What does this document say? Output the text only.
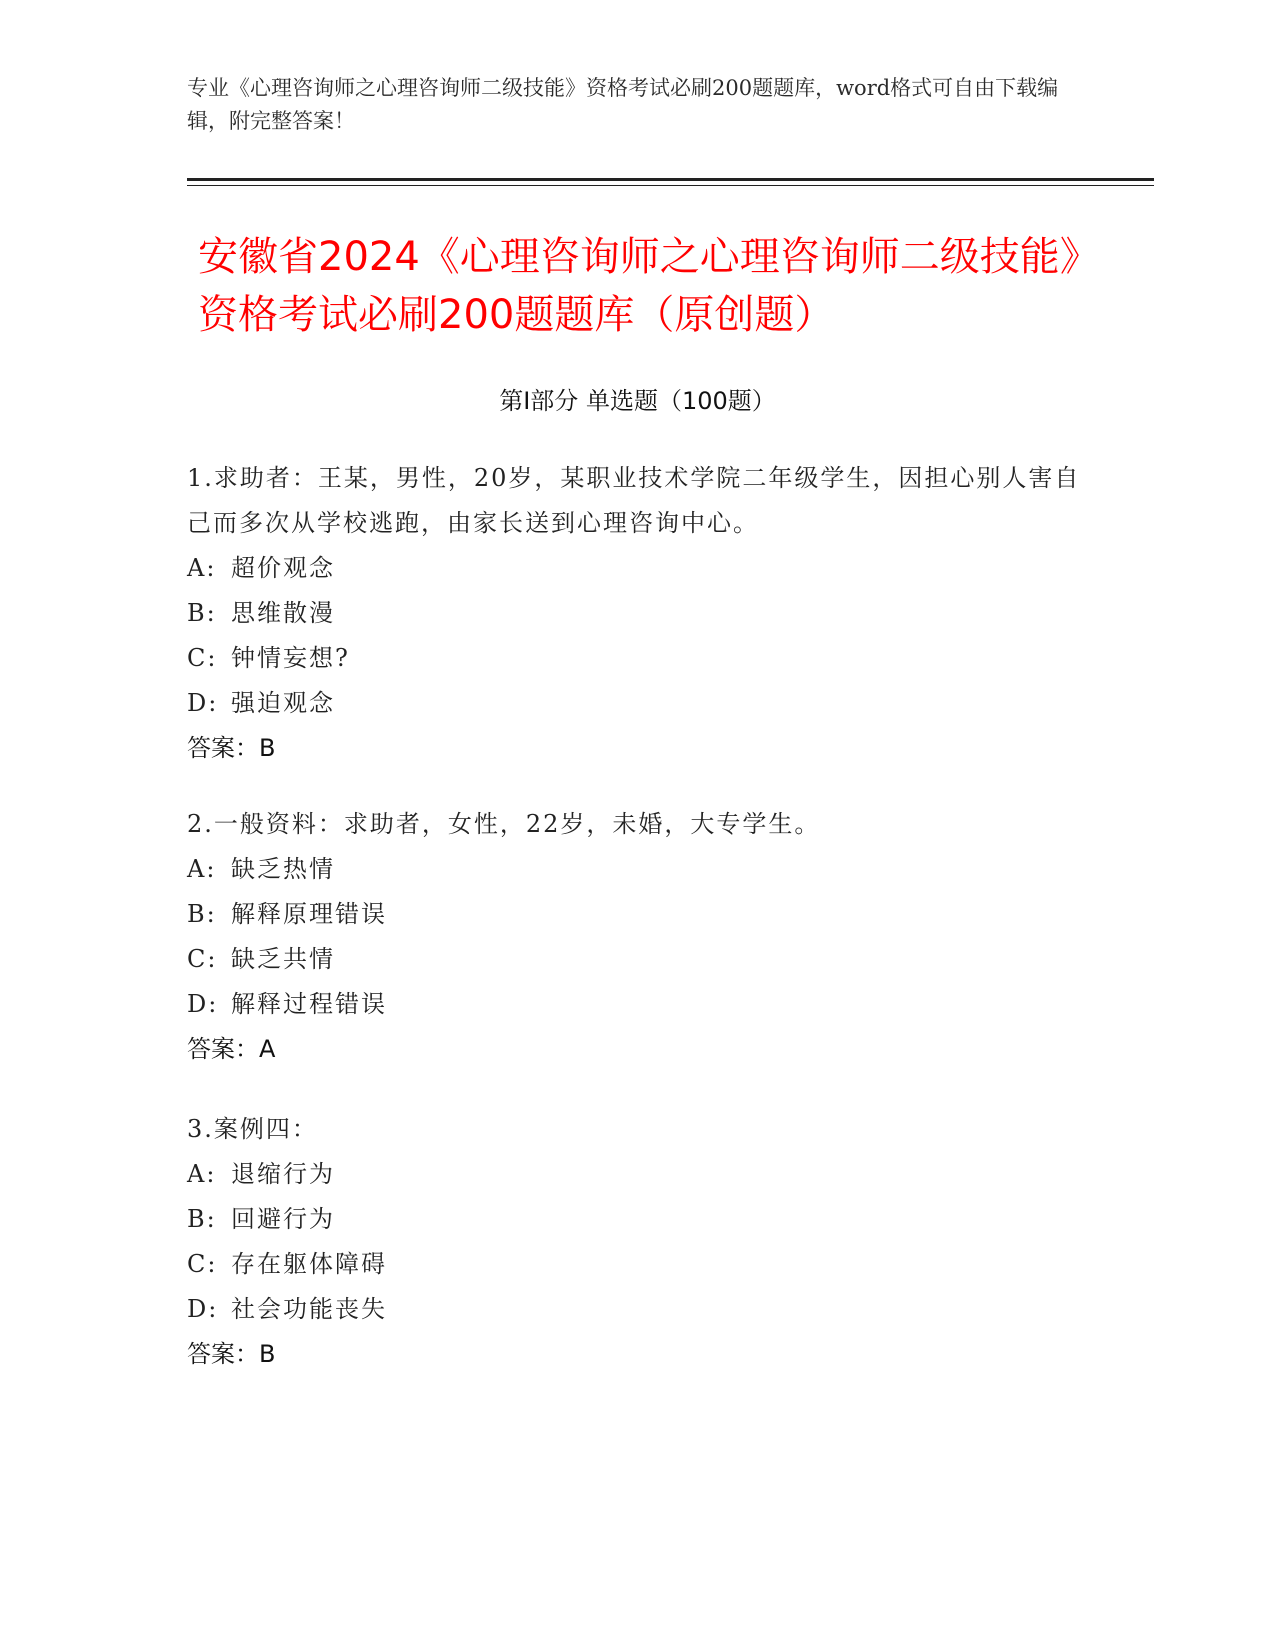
专业《心理咨询师之心理咨询师二级技能》资格考试必刷200题题库，word格式可自由下载编辑，附完整答案！
安徽省2024《心理咨询师之心理咨询师二级技能》资格考试必刷200题题库（原创题）
第Ⅰ部分 单选题（100题）
1.求助者：王某，男性，20岁，某职业技术学院二年级学生，因担心别人害自己而多次从学校逃跑，由家长送到心理咨询中心。
A: 超价观念
B: 思维散漫
C: 钟情妄想?
D: 强迫观念
答案：B
2.一般资料：求助者，女性，22岁，未婚，大专学生。
A: 缺乏热情
B: 解释原理错误
C: 缺乏共情
D: 解释过程错误
答案：A
3.案例四：
A: 退缩行为
B: 回避行为
C: 存在躯体障碍
D: 社会功能丧失
答案：B
